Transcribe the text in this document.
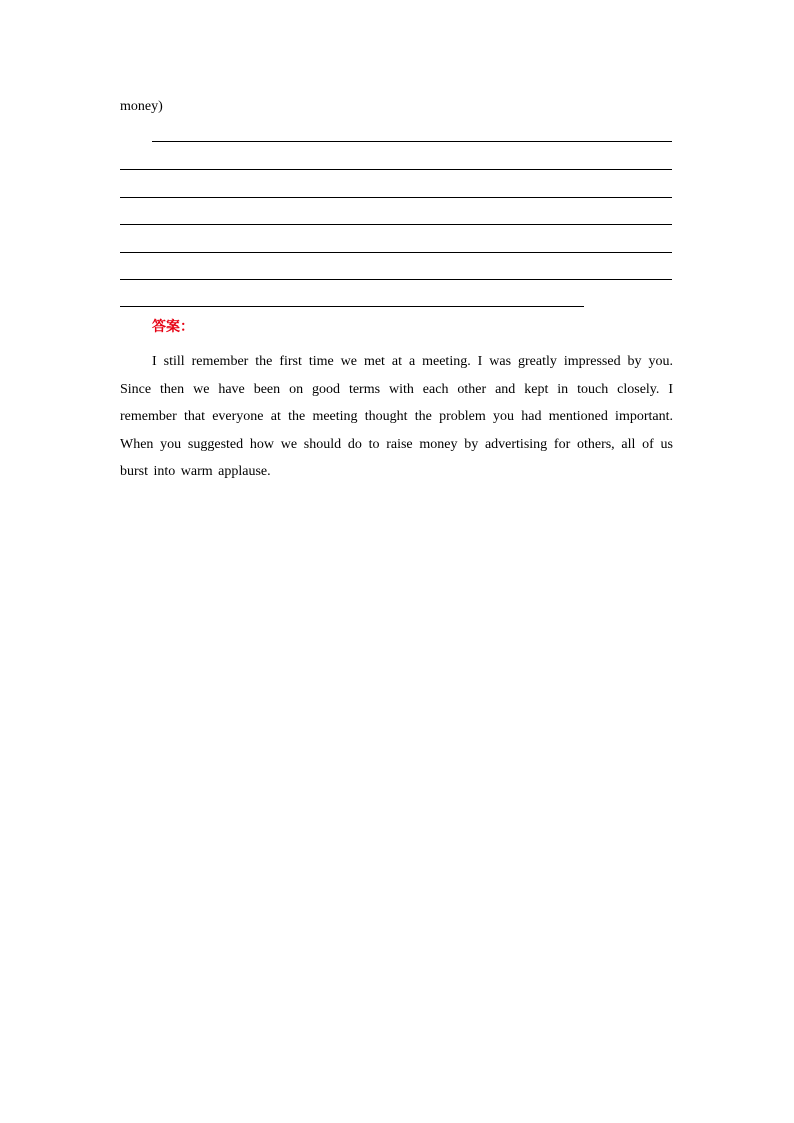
money)
答案：
I still remember the first time we met at a meeting. I was greatly impressed by you. Since then we have been on good terms with each other and kept in touch closely. I remember that everyone at the meeting thought the problem you had mentioned important. When you suggested how we should do to raise money by advertising for others, all of us burst into warm applause.
